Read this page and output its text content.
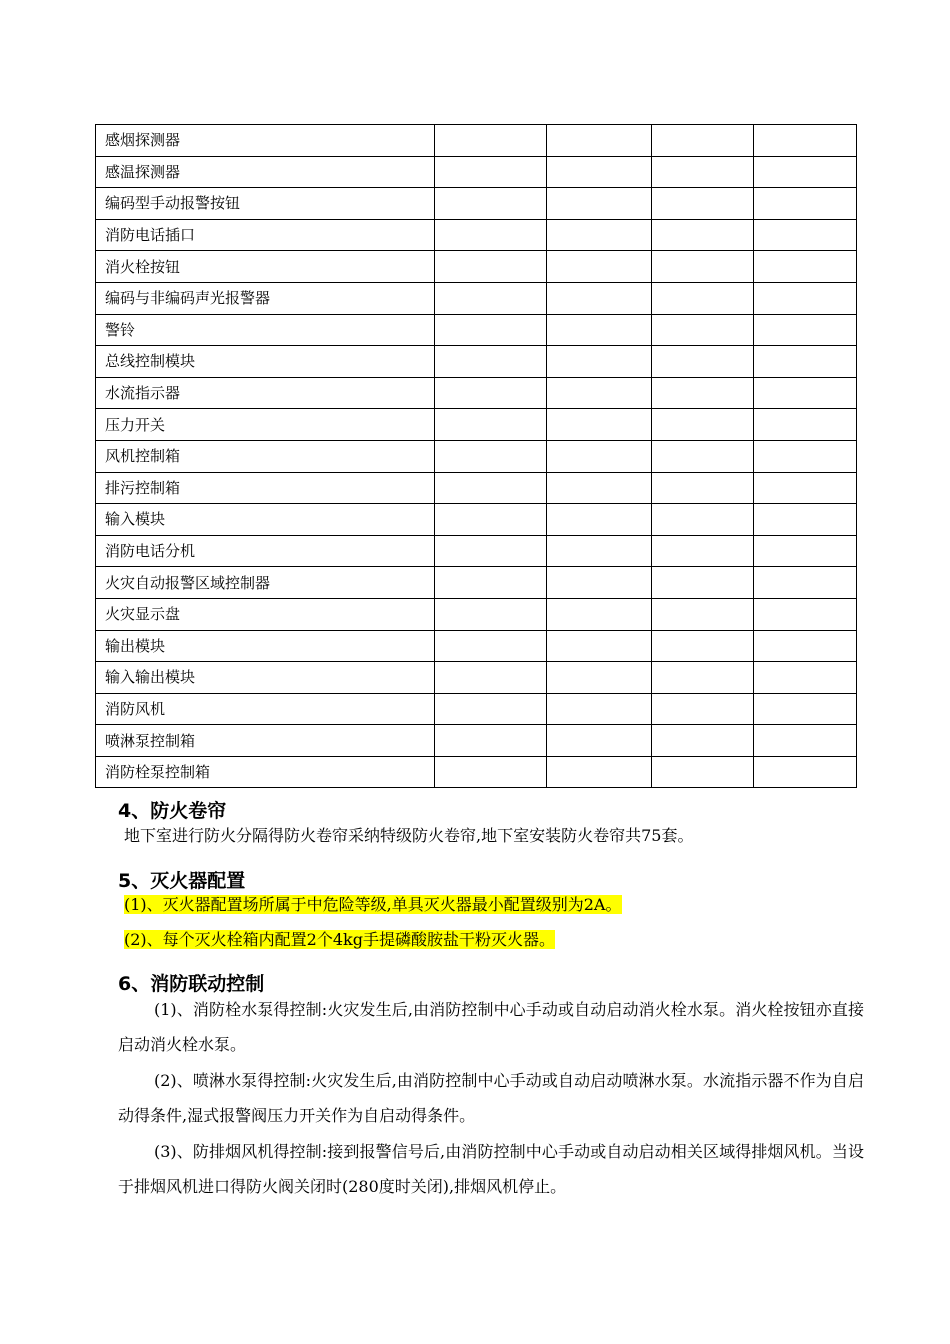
感烟探测器				
感温探测器				
编码型手动报警按钮				
消防电话插口				
消火栓按钮				
编码与非编码声光报警器				
警铃				
总线控制模块				
水流指示器				
压力开关				
风机控制箱				
排污控制箱				
输入模块				
消防电话分机				
火灾自动报警区域控制器				
火灾显示盘				
输出模块				
输入输出模块				
消防风机				
喷淋泵控制箱				
消防栓泵控制箱				
4、防火卷帘
地下室进行防火分隔得防火卷帘采纳特级防火卷帘,地下室安装防火卷帘共75套。
5、灭火器配置
(1)、灭火器配置场所属于中危险等级,单具灭火器最小配置级别为2A。
(2)、每个灭火栓箱内配置2个4kg手提磷酸胺盐干粉灭火器。
6、消防联动控制
(1)、消防栓水泵得控制:火灾发生后,由消防控制中心手动或自动启动消火栓水泵。消火栓按钮亦直接启动消火栓水泵。
(2)、喷淋水泵得控制:火灾发生后,由消防控制中心手动或自动启动喷淋水泵。水流指示器不作为自启动得条件,湿式报警阀压力开关作为自启动得条件。
(3)、防排烟风机得控制:接到报警信号后,由消防控制中心手动或自动启动相关区域得排烟风机。当设于排烟风机进口得防火阀关闭时(280度时关闭),排烟风机停止。
